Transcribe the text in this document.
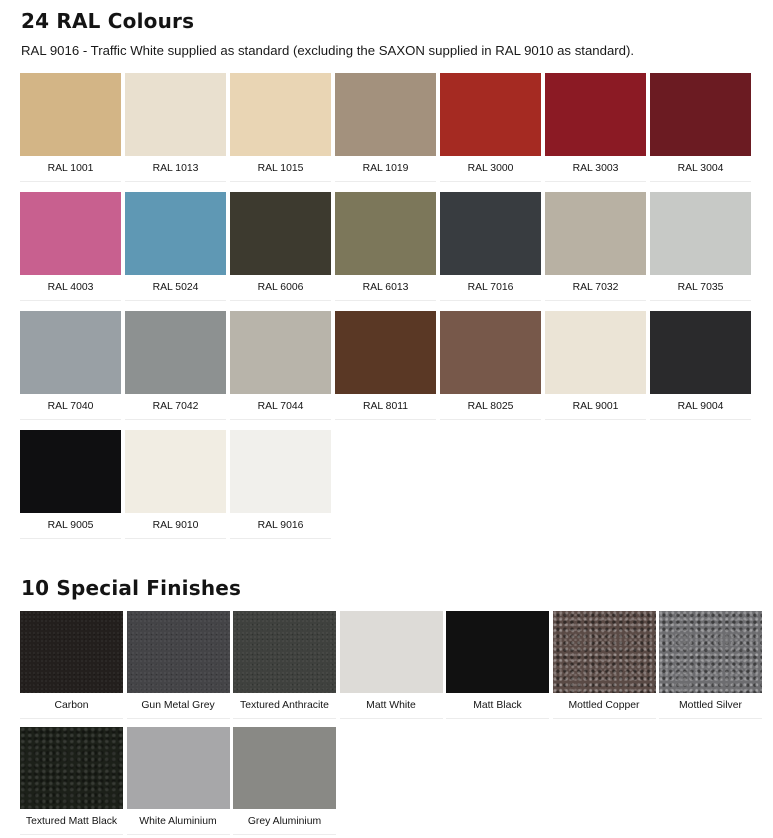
24 RAL Colours

RAL 9016 - Traffic White supplied as standard (excluding the SAXON supplied in RAL 9010 as standard).

RAL 1001	RAL 1013	RAL 1015	RAL 1019	RAL 3000	RAL 3003	RAL 3004
RAL 4003	RAL 5024	RAL 6006	RAL 6013	RAL 7016	RAL 7032	RAL 7035
RAL 7040	RAL 7042	RAL 7044	RAL 8011	RAL 8025	RAL 9001	RAL 9004
RAL 9005	RAL 9010	RAL 9016
10 Special Finishes
Carbon	Gun Metal Grey	Textured Anthracite	Matt White	Matt Black	Mottled Copper	Mottled Silver
Textured Matt Black	White Aluminium	Grey Aluminium
